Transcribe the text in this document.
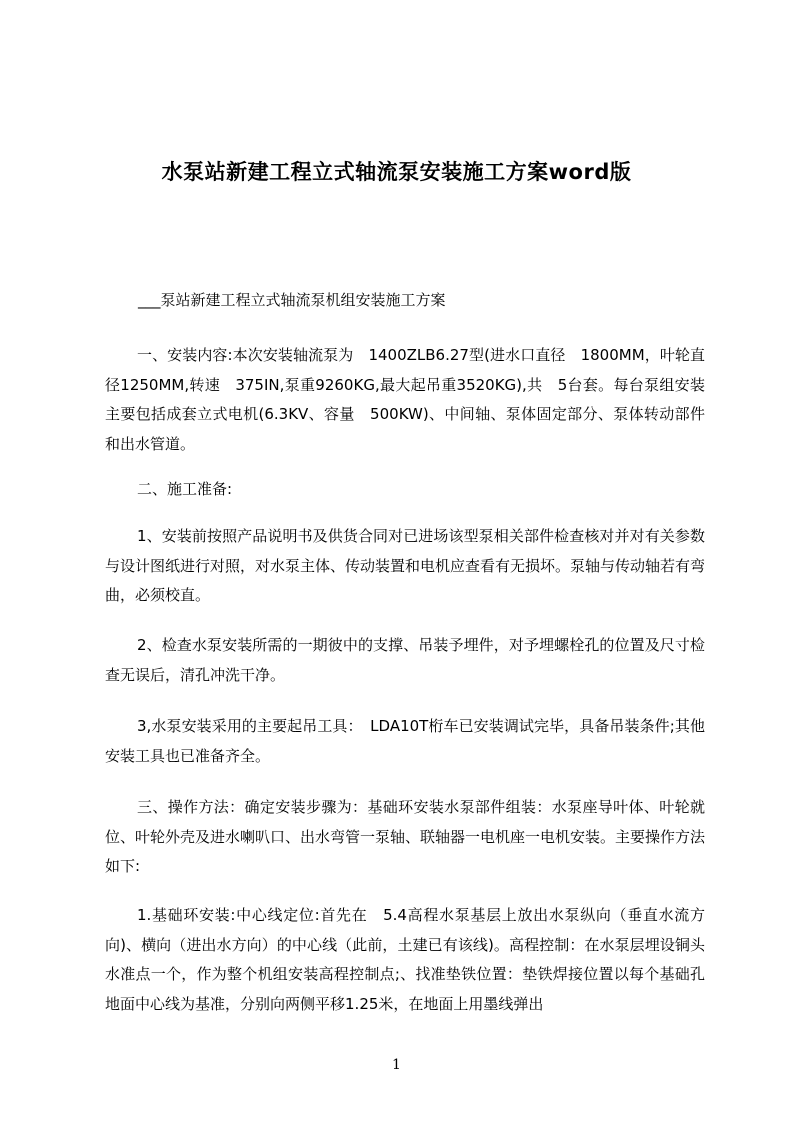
水泵站新建工程立式轴流泵安装施工方案word版
___泵站新建工程立式轴流泵机组安装施工方案

一、安装内容:本次安装轴流泵为　1400ZLB6.27型(进水口直径　1800MM，叶轮直径1250MM,转速　375IN,泵重9260KG,最大起吊重3520KG),共　5台套。每台泵组安装主要包括成套立式电机(6.3KV、容量　500KW)、中间轴、泵体固定部分、泵体转动部件和出水管道。

二、施工准备:

1、安装前按照产品说明书及供货合同对已进场该型泵相关部件检查核对并对有关参数与设计图纸进行对照，对水泵主体、传动装置和电机应查看有无损坏。泵轴与传动轴若有弯曲，必须校直。

2、检查水泵安装所需的一期彼中的支撑、吊装予埋件，对予埋螺栓孔的位置及尺寸检查无误后，清孔冲洗干净。

3,水泵安装采用的主要起吊工具：　LDA10T桁车已安装调试完毕，具备吊装条件;其他安装工具也已准备齐全。

三、操作方法：确定安装步骤为：基础环安装水泵部件组装：水泵座导叶体、叶轮就位、叶轮外壳及进水喇叭口、出水弯管一泵轴、联轴器一电机座一电机安装。主要操作方法如下:

1.基础环安装:中心线定位:首先在　5.4高程水泵基层上放出水泵纵向（垂直水流方向)、横向（进出水方向）的中心线（此前，土建已有该线)。高程控制：在水泵层埋设铜头水准点一个，作为整个机组安装高程控制点;、找准垫铁位置：垫铁焊接位置以每个基础孔地面中心线为基准，分别向两侧平移1.25米，在地面上用墨线弹出

1
